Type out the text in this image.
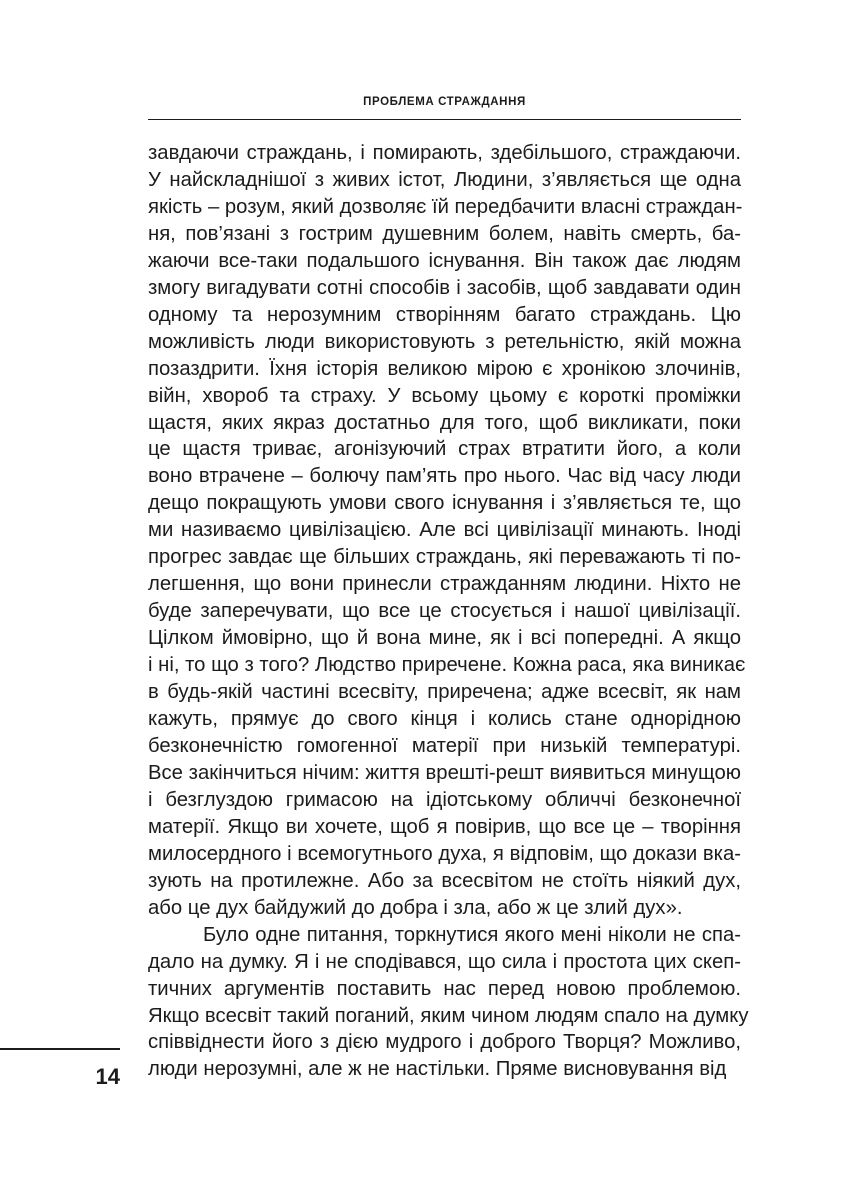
ПРОБЛЕМА СТРАЖДАННЯ
завдаючи страждань, і помирають, здебільшого, страждаючи.
У найскладнішої з живих істот, Людини, з’являється ще одна
якість – розум, який дозволяє їй передбачити власні страждан-
ня, пов’язані з гострим душевним болем, навіть смерть, ба-
жаючи все-таки подальшого існування. Він також дає людям
змогу вигадувати сотні способів і засобів, щоб завдавати один
одному та нерозумним створінням багато страждань. Цю
можливість люди використовують з ретельністю, якій можна
позаздрити. Їхня історія великою мірою є хронікою злочинів,
війн, хвороб та страху. У всьому цьому є короткі проміжки
щастя, яких якраз достатньо для того, щоб викликати, поки
це щастя триває, агонізуючий страх втратити його, а коли
воно втрачене – болючу пам’ять про нього. Час від часу люди
дещо покращують умови свого існування і з’являється те, що
ми називаємо цивілізацією. Але всі цивілізації минають. Іноді
прогрес завдає ще більших страждань, які переважають ті по-
легшення, що вони принесли стражданням людини. Ніхто не
буде заперечувати, що все це стосується і нашої цивілізації.
Цілком ймовірно, що й вона мине, як і всі попередні. А якщо
і ні, то що з того? Людство приречене. Кожна раса, яка виникає
в будь-якій частині всесвіту, приречена; адже всесвіт, як нам
кажуть, прямує до свого кінця і колись стане однорідною
безконечністю гомогенної матерії при низькій температурі.
Все закінчиться нічим: життя врешті-решт виявиться минущою
і безглуздою гримасою на ідіотському обличчі безконечної
матерії. Якщо ви хочете, щоб я повірив, що все це – творіння
милосердного і всемогутнього духа, я відповім, що докази вка-
зують на протилежне. Або за всесвітом не стоїть ніякий дух,
або це дух байдужий до добра і зла, або ж це злий дух».
Було одне питання, торкнутися якого мені ніколи не спа-
дало на думку. Я і не сподівався, що сила і простота цих скеп-
тичних аргументів поставить нас перед новою проблемою.
Якщо всесвіт такий поганий, яким чином людям спало на думку
співвіднести його з дією мудрого і доброго Творця? Можливо,
люди нерозумні, але ж не настільки. Пряме висновування від
14
